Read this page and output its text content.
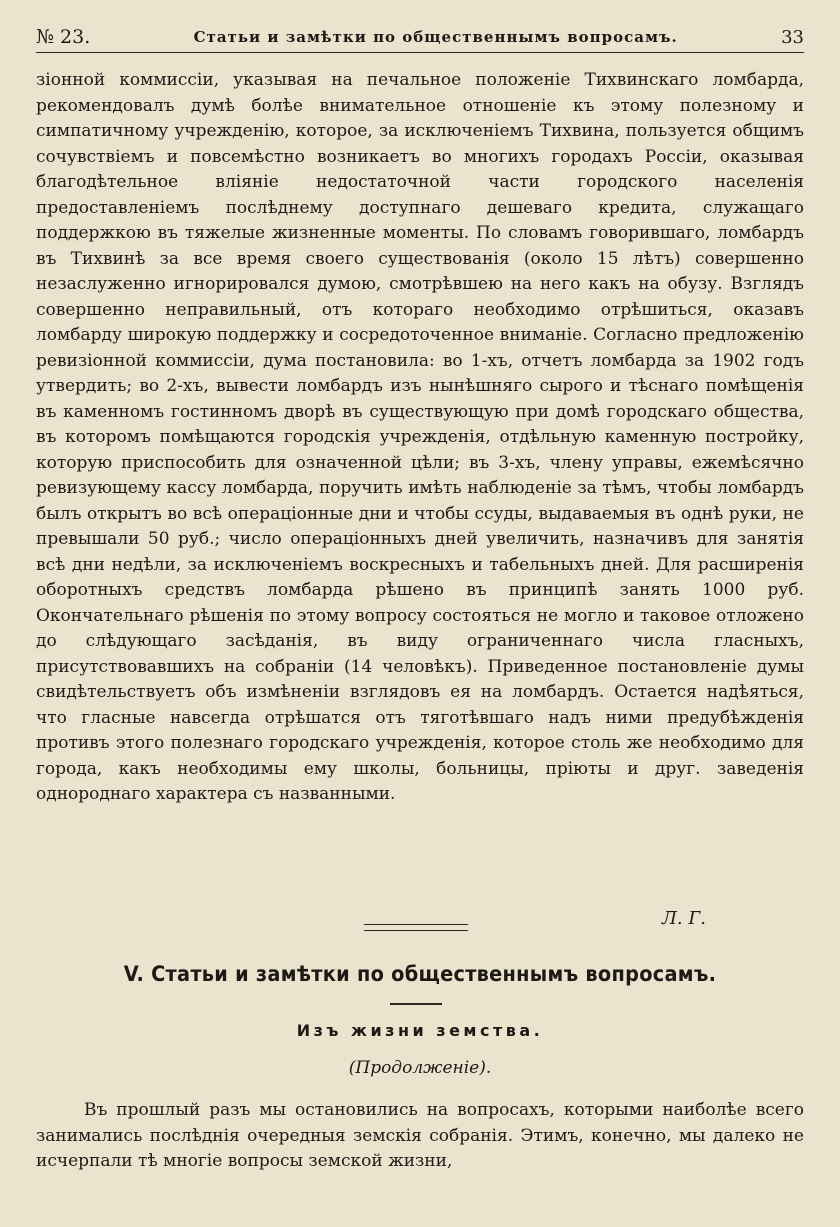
№ 23.	Статьи и замѣтки по общественнымъ вопросамъ.	33

зіонной коммиссіи, указывая на печальное положеніе Тихвинскаго ломбарда, рекомендовалъ думѣ болѣе внимательное отношеніе къ этому полезному и симпатичному учрежденію, которое, за исключеніемъ Тихвина, пользуется общимъ сочувствіемъ и повсемѣстно возникаетъ во многихъ городахъ Россіи, оказывая благодѣтельное вліяніе недостаточной части городского населенія предоставленіемъ послѣднему доступнаго дешеваго кредита, служащаго поддержкою въ тяжелые жизненные моменты. По словамъ говорившаго, ломбардъ въ Тихвинѣ за все время своего существованія (около 15 лѣтъ) совершенно незаслуженно игнорировался думою, смотрѣвшею на него какъ на обузу. Взглядъ совершенно неправильный, отъ котораго необходимо отрѣшиться, оказавъ ломбарду широкую поддержку и сосредоточенное вниманіе. Согласно предложенію ревизіонной коммиссіи, дума постановила: во 1-хъ, отчетъ ломбарда за 1902 годъ утвердить; во 2-хъ, вывести ломбардъ изъ нынѣшняго сырого и тѣснаго помѣщенія въ каменномъ гостинномъ дворѣ въ существующую при домѣ городскаго общества, въ которомъ помѣщаются городскія учрежденія, отдѣльную каменную постройку, которую приспособить для означенной цѣли; въ 3-хъ, члену управы, ежемѣсячно ревизующему кассу ломбарда, поручить имѣть наблюденіе за тѣмъ, чтобы ломбардъ былъ открытъ во всѣ операціонные дни и чтобы ссуды, выдаваемыя въ однѣ руки, не превышали 50 руб.; число операціонныхъ дней увеличить, назначивъ для занятія всѣ дни недѣли, за исключеніемъ воскресныхъ и табельныхъ дней. Для расширенія оборотныхъ средствъ ломбарда рѣшено въ принципѣ занять 1000 руб. Окончательнаго рѣшенія по этому вопросу состояться не могло и таковое отложено до слѣдующаго засѣданія, въ виду ограниченнаго числа гласныхъ, присутствовавшихъ на собраніи (14 человѣкъ). Приведенное постановленіе думы свидѣтельствуетъ объ измѣненіи взглядовъ ея на ломбардъ. Остается надѣяться, что гласные навсегда отрѣшатся отъ тяготѣвшаго надъ ними предубѣжденія противъ этого полезнаго городскаго учрежденія, которое столь же необходимо для города, какъ необходимы ему школы, больницы, пріюты и друг. заведенія однороднаго характера съ названными.

Л. Г.
V. Статьи и замѣтки по общественнымъ вопросамъ.
Изъ жизни земства.
(Продолженіе).

Въ прошлый разъ мы остановились на вопросахъ, которыми наиболѣе всего занимались послѣднія очередныя земскія собранія. Этимъ, конечно, мы далеко не исчерпали тѣ многіе вопросы земской жизни,
